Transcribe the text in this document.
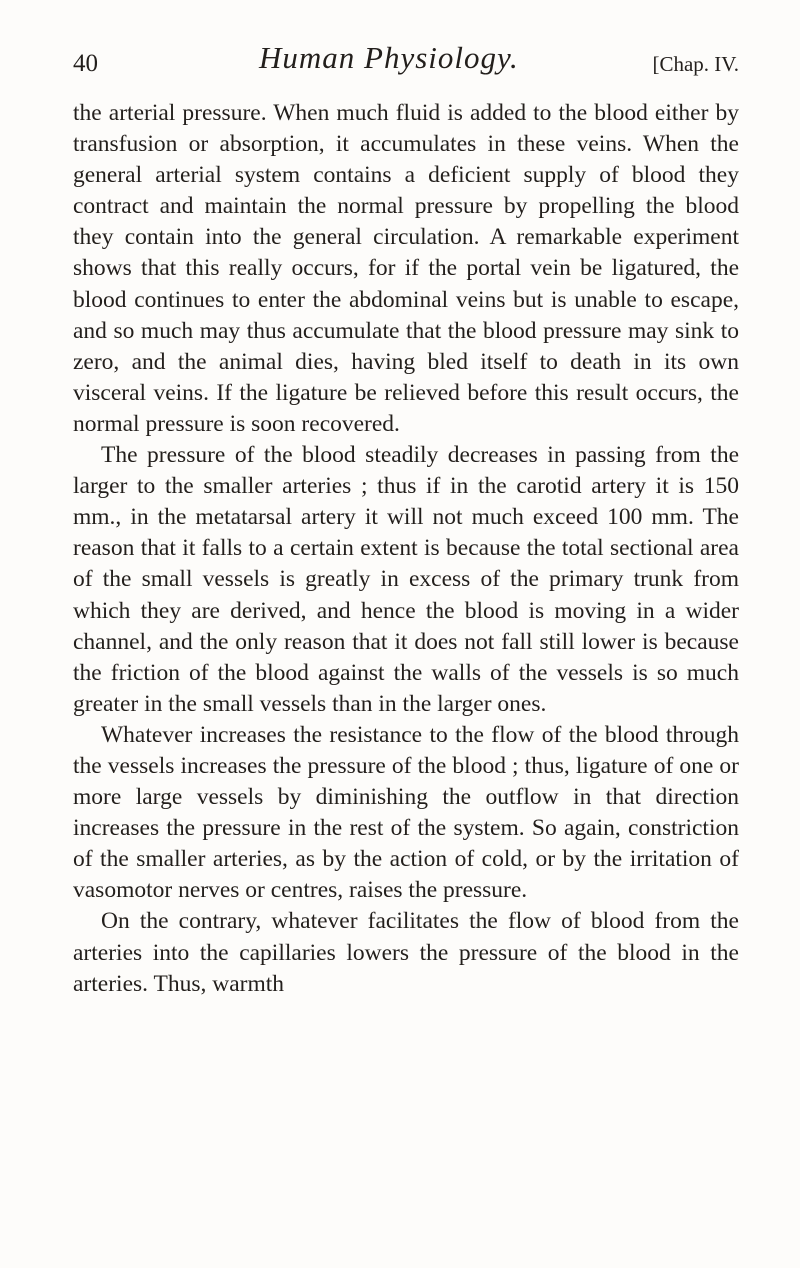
40	Human Physiology.	[Chap. IV.

the arterial pressure. When much fluid is added to the blood either by transfusion or absorption, it accumulates in these veins. When the general arterial system contains a deficient supply of blood they contract and maintain the normal pressure by propelling the blood they contain into the general circulation. A remarkable experiment shows that this really occurs, for if the portal vein be ligatured, the blood continues to enter the abdominal veins but is unable to escape, and so much may thus accumulate that the blood pressure may sink to zero, and the animal dies, having bled itself to death in its own visceral veins. If the ligature be relieved before this result occurs, the normal pressure is soon recovered.

The pressure of the blood steadily decreases in passing from the larger to the smaller arteries ; thus if in the carotid artery it is 150 mm., in the metatarsal artery it will not much exceed 100 mm. The reason that it falls to a certain extent is because the total sectional area of the small vessels is greatly in excess of the primary trunk from which they are derived, and hence the blood is moving in a wider channel, and the only reason that it does not fall still lower is because the friction of the blood against the walls of the vessels is so much greater in the small vessels than in the larger ones.

Whatever increases the resistance to the flow of the blood through the vessels increases the pressure of the blood ; thus, ligature of one or more large vessels by diminishing the outflow in that direction increases the pressure in the rest of the system. So again, constriction of the smaller arteries, as by the action of cold, or by the irritation of vasomotor nerves or centres, raises the pressure.

On the contrary, whatever facilitates the flow of blood from the arteries into the capillaries lowers the pressure of the blood in the arteries. Thus, warmth
